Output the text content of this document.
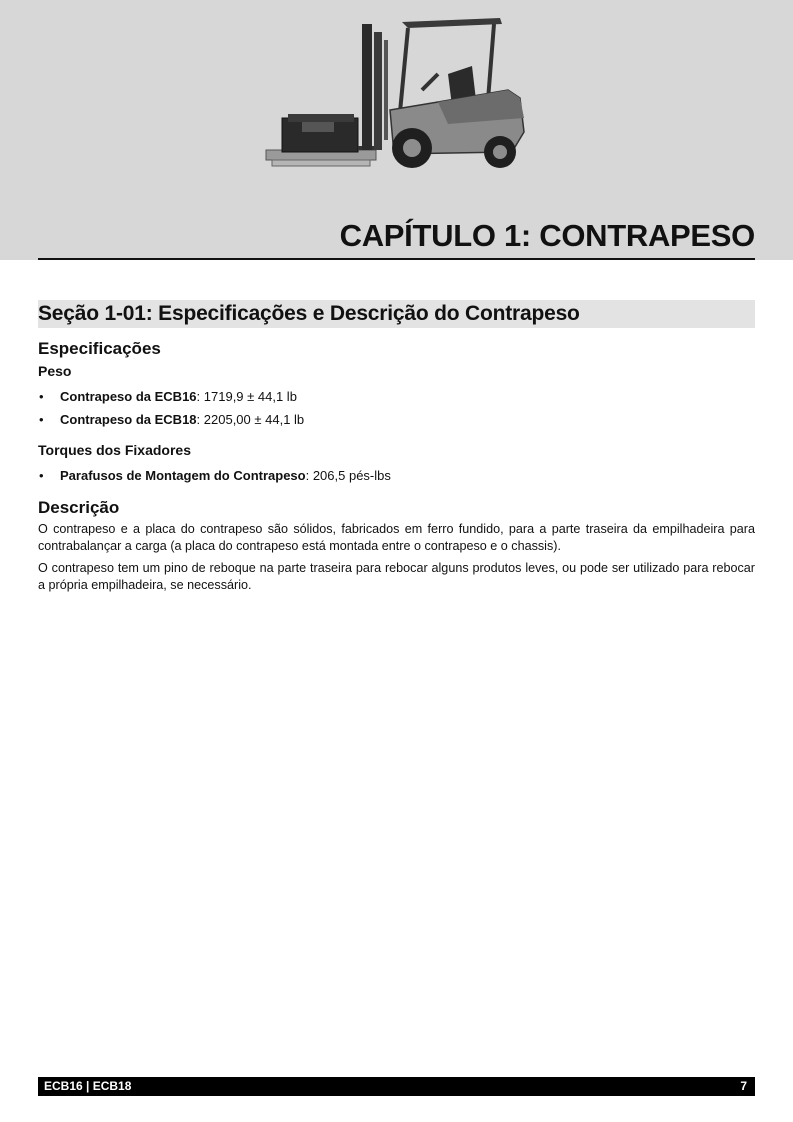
CAPÍTULO 1: CONTRAPESO
Seção 1-01: Especificações e Descrição do Contrapeso
Especificações
Peso
• Contrapeso da ECB16: 1719,9 ± 44,1 lb
• Contrapeso da ECB18: 2205,00 ± 44,1 lb
Torques dos Fixadores
• Parafusos de Montagem do Contrapeso: 206,5 pés-lbs
Descrição

O contrapeso e a placa do contrapeso são sólidos, fabricados em ferro fundido, para a parte traseira da empilhadeira para contrabalançar a carga (a placa do contrapeso está montada entre o contrapeso e o chassis).

O contrapeso tem um pino de reboque na parte traseira para rebocar alguns produtos leves, ou pode ser utilizado para rebocar a própria empilhadeira, se necessário.

ECB16 | ECB18	7
